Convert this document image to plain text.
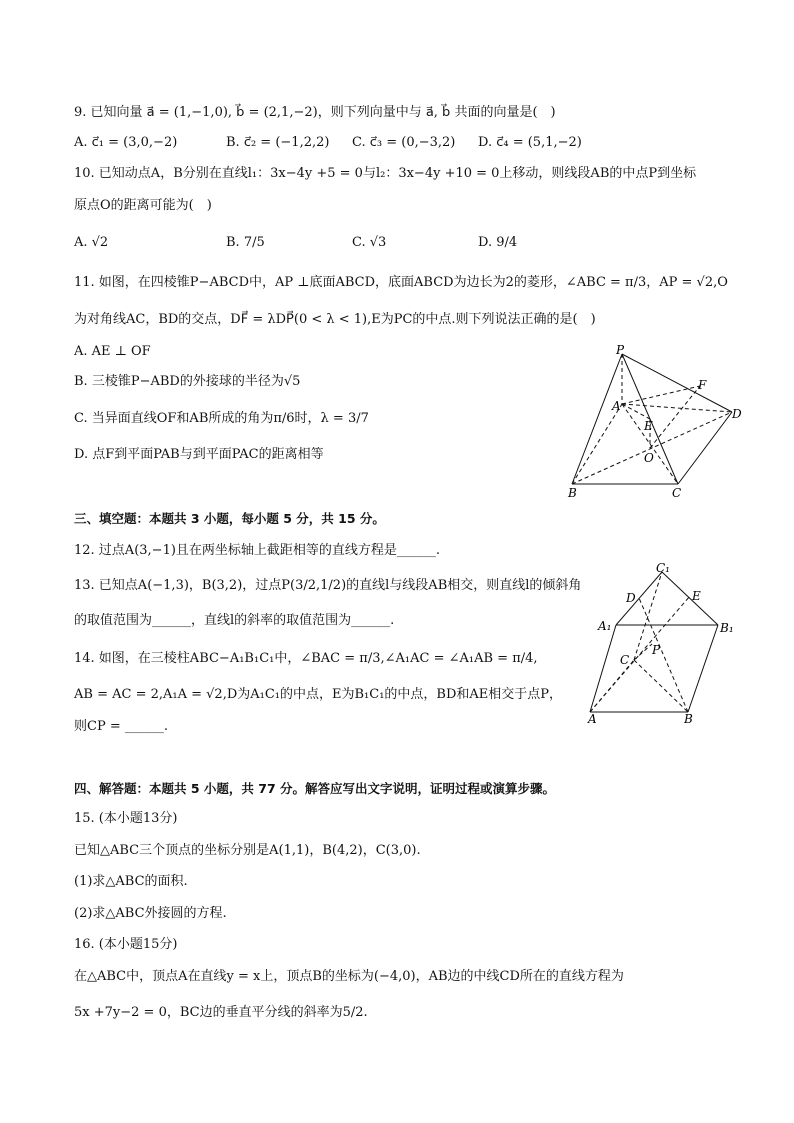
9. 已知向量 a⃗ = (1,−1,0), b⃗ = (2,1,−2)，则下列向量中与 a⃗, b⃗ 共面的向量是(　)
A. c⃗₁ = (3,0,−2)	B. c⃗₂ = (−1,2,2) C. c⃗₃ = (0,−3,2) D. c⃗₄ = (5,1,−2)
10. 已知动点A，B分别在直线l₁：3x−4y +5 = 0与l₂：3x−4y +10 = 0上移动，则线段AB的中点P到坐标
原点O的距离可能为(　)
A. √2	B. 7/5	C. √3	D. 9/4
11. 如图，在四棱锥P−ABCD中，AP ⊥底面ABCD，底面ABCD为边长为2的菱形，∠ABC = π/3，AP = √2,O
为对角线AC，BD的交点，DF⃗ = λDP⃗(0 < λ < 1),E为PC的中点.则下列说法正确的是(　)
A. AE ⊥ OF
B. 三棱锥P−ABD的外接球的半径为√5
C. 当异面直线OF和AB所成的角为π/6时，λ = 3/7
D. 点F到平面PAB与到平面PAC的距离相等
P
F
A
E
D
O
B	C
三、填空题：本题共 3 小题，每小题 5 分，共 15 分。
12. 过点A(3,−1)且在两坐标轴上截距相等的直线方程是______.
13. 已知点A(−1,3)，B(3,2)，过点P(3/2,1/2)的直线l与线段AB相交，则直线l的倾斜角
的取值范围为______，直线l的斜率的取值范围为______.
14. 如图，在三棱柱ABC−A₁B₁C₁中，∠BAC = π/3,∠A₁AC = ∠A₁AB = π/4,
AB = AC = 2,A₁A = √2,D为A₁C₁的中点，E为B₁C₁的中点，BD和AE相交于点P，
则CP = ______.
C₁
D	E
A₁	B₁
C
P
A	B
四、解答题：本题共 5 小题，共 77 分。解答应写出文字说明，证明过程或演算步骤。
15. (本小题13分)
已知△ABC三个顶点的坐标分别是A(1,1)，B(4,2)，C(3,0).
(1)求△ABC的面积.
(2)求△ABC外接圆的方程.
16. (本小题15分)
在△ABC中，顶点A在直线y = x上，顶点B的坐标为(−4,0)，AB边的中线CD所在的直线方程为
5x +7y−2 = 0，BC边的垂直平分线的斜率为5/2.
